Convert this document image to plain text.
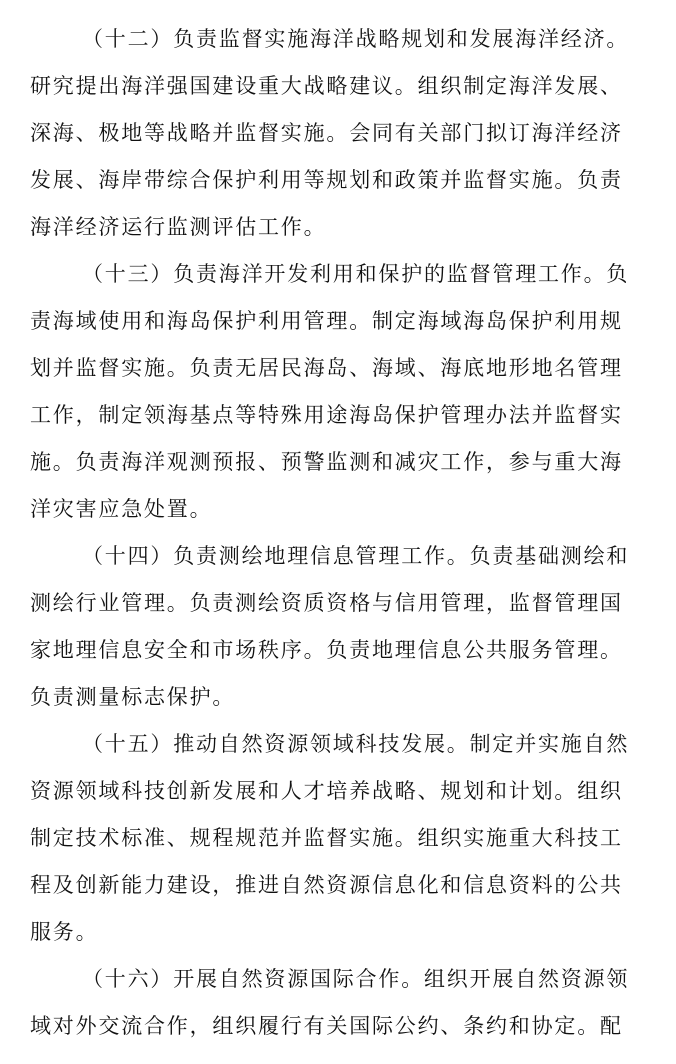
（十二）负责监督实施海洋战略规划和发展海洋经济。
研究提出海洋强国建设重大战略建议。组织制定海洋发展、
深海、极地等战略并监督实施。会同有关部门拟订海洋经济
发展、海岸带综合保护利用等规划和政策并监督实施。负责
海洋经济运行监测评估工作。
（十三）负责海洋开发利用和保护的监督管理工作。负
责海域使用和海岛保护利用管理。制定海域海岛保护利用规
划并监督实施。负责无居民海岛、海域、海底地形地名管理
工作，制定领海基点等特殊用途海岛保护管理办法并监督实
施。负责海洋观测预报、预警监测和减灾工作，参与重大海
洋灾害应急处置。
（十四）负责测绘地理信息管理工作。负责基础测绘和
测绘行业管理。负责测绘资质资格与信用管理，监督管理国
家地理信息安全和市场秩序。负责地理信息公共服务管理。
负责测量标志保护。
（十五）推动自然资源领域科技发展。制定并实施自然
资源领域科技创新发展和人才培养战略、规划和计划。组织
制定技术标准、规程规范并监督实施。组织实施重大科技工
程及创新能力建设，推进自然资源信息化和信息资料的公共
服务。
（十六）开展自然资源国际合作。组织开展自然资源领
域对外交流合作，组织履行有关国际公约、条约和协定。配
